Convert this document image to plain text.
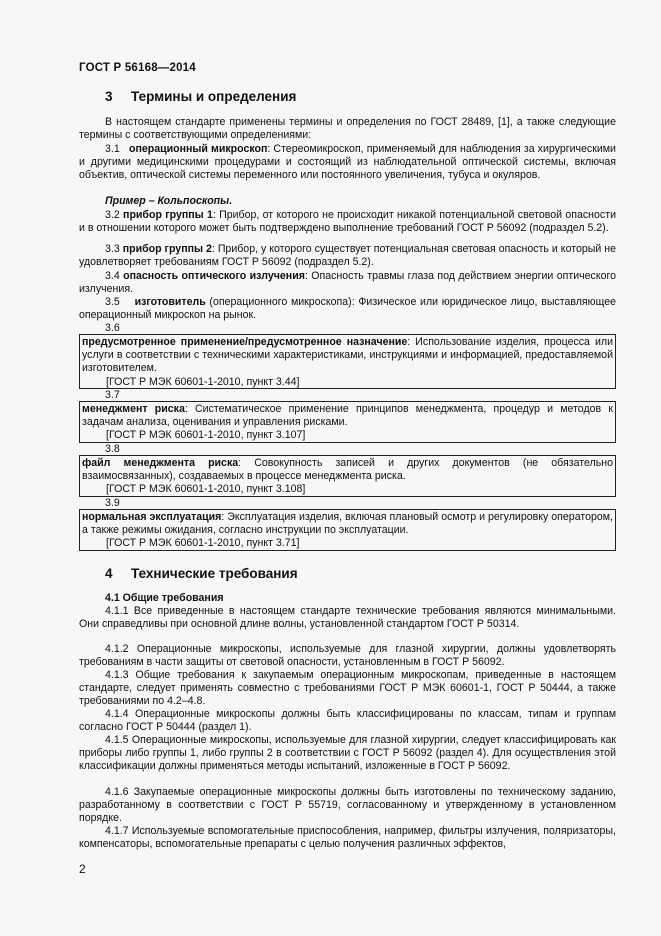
ГОСТ Р 56168—2014
3 Термины и определения
В настоящем стандарте применены термины и определения по ГОСТ 28489, [1], а также следующие термины с соответствующими определениями:
3.1 операционный микроскоп: Стереомикроскоп, применяемый для наблюдения за хирургическими и другими медицинскими процедурами и состоящий из наблюдательной оптической системы, включая объектив, оптической системы переменного или постоянного увеличения, тубуса и окуляров.
Пример – Кольпоскопы.
3.2 прибор группы 1: Прибор, от которого не происходит никакой потенциальной световой опасности и в отношении которого может быть подтверждено выполнение требований ГОСТ Р 56092 (подраздел 5.2).
3.3 прибор группы 2: Прибор, у которого существует потенциальная световая опасность и который не удовлетворяет требованиям ГОСТ Р 56092 (подраздел 5.2).
3.4 опасность оптического излучения: Опасность травмы глаза под действием энергии оптического излучения.
3.5 изготовитель (операционного микроскопа): Физическое или юридическое лицо, выставляющее операционный микроскоп на рынок.
3.6
предусмотренное применение/предусмотренное назначение: Использование изделия, процесса или услуги в соответствии с техническими характеристиками, инструкциями и информацией, предоставляемой изготовителем.
[ГОСТ Р МЭК 60601-1-2010, пункт 3.44]
3.7
менеджмент риска: Систематическое применение принципов менеджмента, процедур и методов к задачам анализа, оценивания и управления рисками.
[ГОСТ Р МЭК 60601-1-2010, пункт 3.107]
3.8
файл менеджмента риска: Совокупность записей и других документов (не обязательно взаимосвязанных), создаваемых в процессе менеджмента риска.
[ГОСТ Р МЭК 60601-1-2010, пункт 3.108]
3.9
нормальная эксплуатация: Эксплуатация изделия, включая плановый осмотр и регулировку оператором, а также режимы ожидания, согласно инструкции по эксплуатации.
[ГОСТ Р МЭК 60601-1-2010, пункт 3.71]
4 Технические требования
4.1 Общие требования
4.1.1 Все приведенные в настоящем стандарте технические требования являются минимальными. Они справедливы при основной длине волны, установленной стандартом ГОСТ Р 50314.
4.1.2 Операционные микроскопы, используемые для глазной хирургии, должны удовлетворять требованиям в части защиты от световой опасности, установленным в ГОСТ Р 56092.
4.1.3 Общие требования к закупаемым операционным микроскопам, приведенные в настоящем стандарте, следует применять совместно с требованиями ГОСТ Р МЭК 60601-1, ГОСТ Р 50444, а также требованиями по 4.2–4.8.
4.1.4 Операционные микроскопы должны быть классифицированы по классам, типам и группам согласно ГОСТ Р 50444 (раздел 1).
4.1.5 Операционные микроскопы, используемые для глазной хирургии, следует классифицировать как приборы либо группы 1, либо группы 2 в соответствии с ГОСТ Р 56092 (раздел 4). Для осуществления этой классификации должны применяться методы испытаний, изложенные в ГОСТ Р 56092.
4.1.6 Закупаемые операционные микроскопы должны быть изготовлены по техническому заданию, разработанному в соответствии с ГОСТ Р 55719, согласованному и утвержденному в установленном порядке.
4.1.7 Используемые вспомогательные приспособления, например, фильтры излучения, поляризаторы, компенсаторы, вспомогательные препараты с целью получения различных эффектов,
2
